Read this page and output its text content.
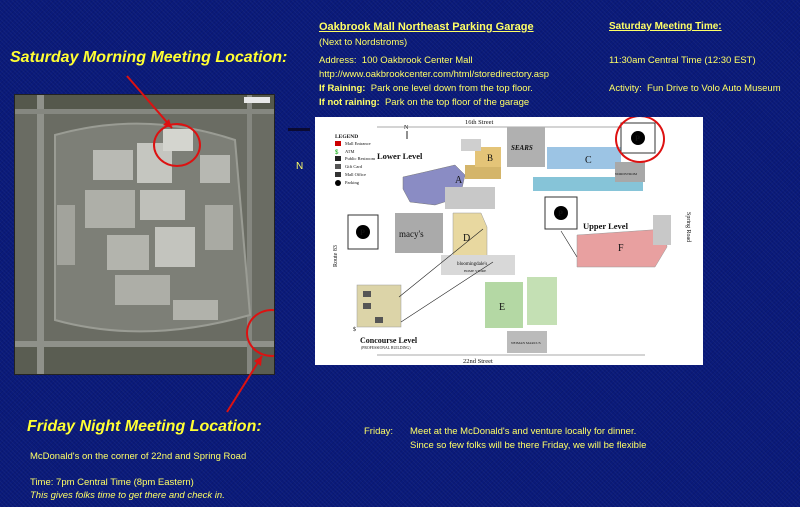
Saturday Morning Meeting Location:
N
Oakbrook Mall Northeast Parking Garage
(Next to Nordstroms)
Address: 100 Oakbrook Center Mall
http://www.oakbrookcenter.com/html/storedirectory.asp
If Raining: Park one level down from the top floor.
If not raining: Park on the top floor of the garage
Saturday Meeting Time:
11:30am Central Time (12:30 EST)
Activity: Fun Drive to Volo Auto Museum
16th Street
22nd Street
Route 83
Spring Road
LEGEND
Mall Entrance
$ ATM
Public Restroom
Gift Card
Mall Office
Parking
N
Lower Level
A
B
SEARS
C
NORDSTROM
P
P
P	macy's	D
Upper Level
F
bloomingdale's
HOME STORE
E
NEIMAN MARCUS
$
Concourse Level
(PROFESSIONAL BUILDING)
Friday Night Meeting Location:
McDonald's on the corner of 22nd and Spring Road
Time: 7pm Central Time (8pm Eastern)
This gives folks time to get there and check in.
Friday: Meet at the McDonald's and venture locally for dinner.
Since so few folks will be there Friday, we will be flexible
